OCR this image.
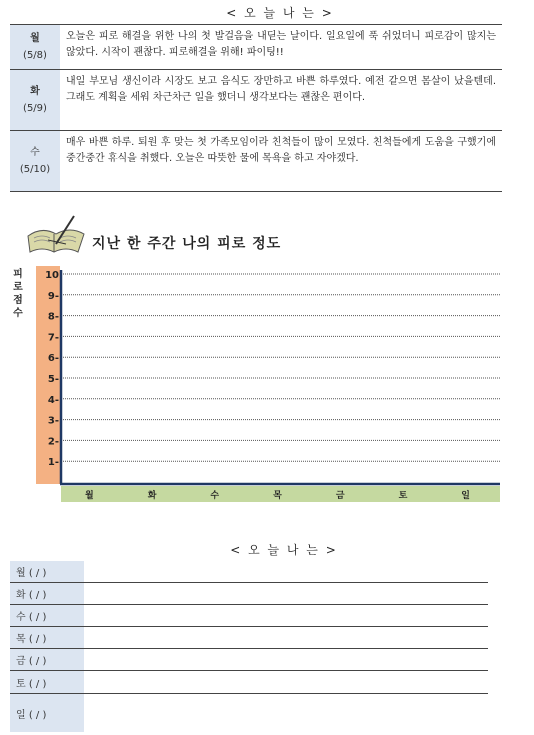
< 오 늘 나 는 >
월
(5/8)
오늘은 피로 해결을 위한 나의 첫 발걸음을 내딛는 날이다. 일요일에 푹 쉬었더니 피로감이 많지는 않았다. 시작이 괜찮다. 피로해결을 위해! 파이팅!!
화
(5/9)
내일 부모님 생신이라 시장도 보고 음식도 장만하고 바쁜 하루였다. 예전 같으면 몸살이 났을텐데. 그래도 계획을 세워 차근차근 일을 했더니 생각보다는 괜찮은 편이다.
수
(5/10)
매우 바쁜 하루. 퇴원 후 맞는 첫 가족모임이라 친척들이 많이 모였다. 친척들에게 도움을 구했기에 중간중간 휴식을 취했다. 오늘은 따뜻한 물에 목욕을 하고 자야겠다.
지난 한 주간 나의 피로 정도
피로점수
1-
2-
3-
4-
5-
6-
7-
8-
9-
10
월	화	수	목	금	토	일
< 오 늘 나 는 >
월 ( / )
화 ( / )
수 ( / )
목 ( / )
금 ( / )
토 ( / )
일 ( / )
